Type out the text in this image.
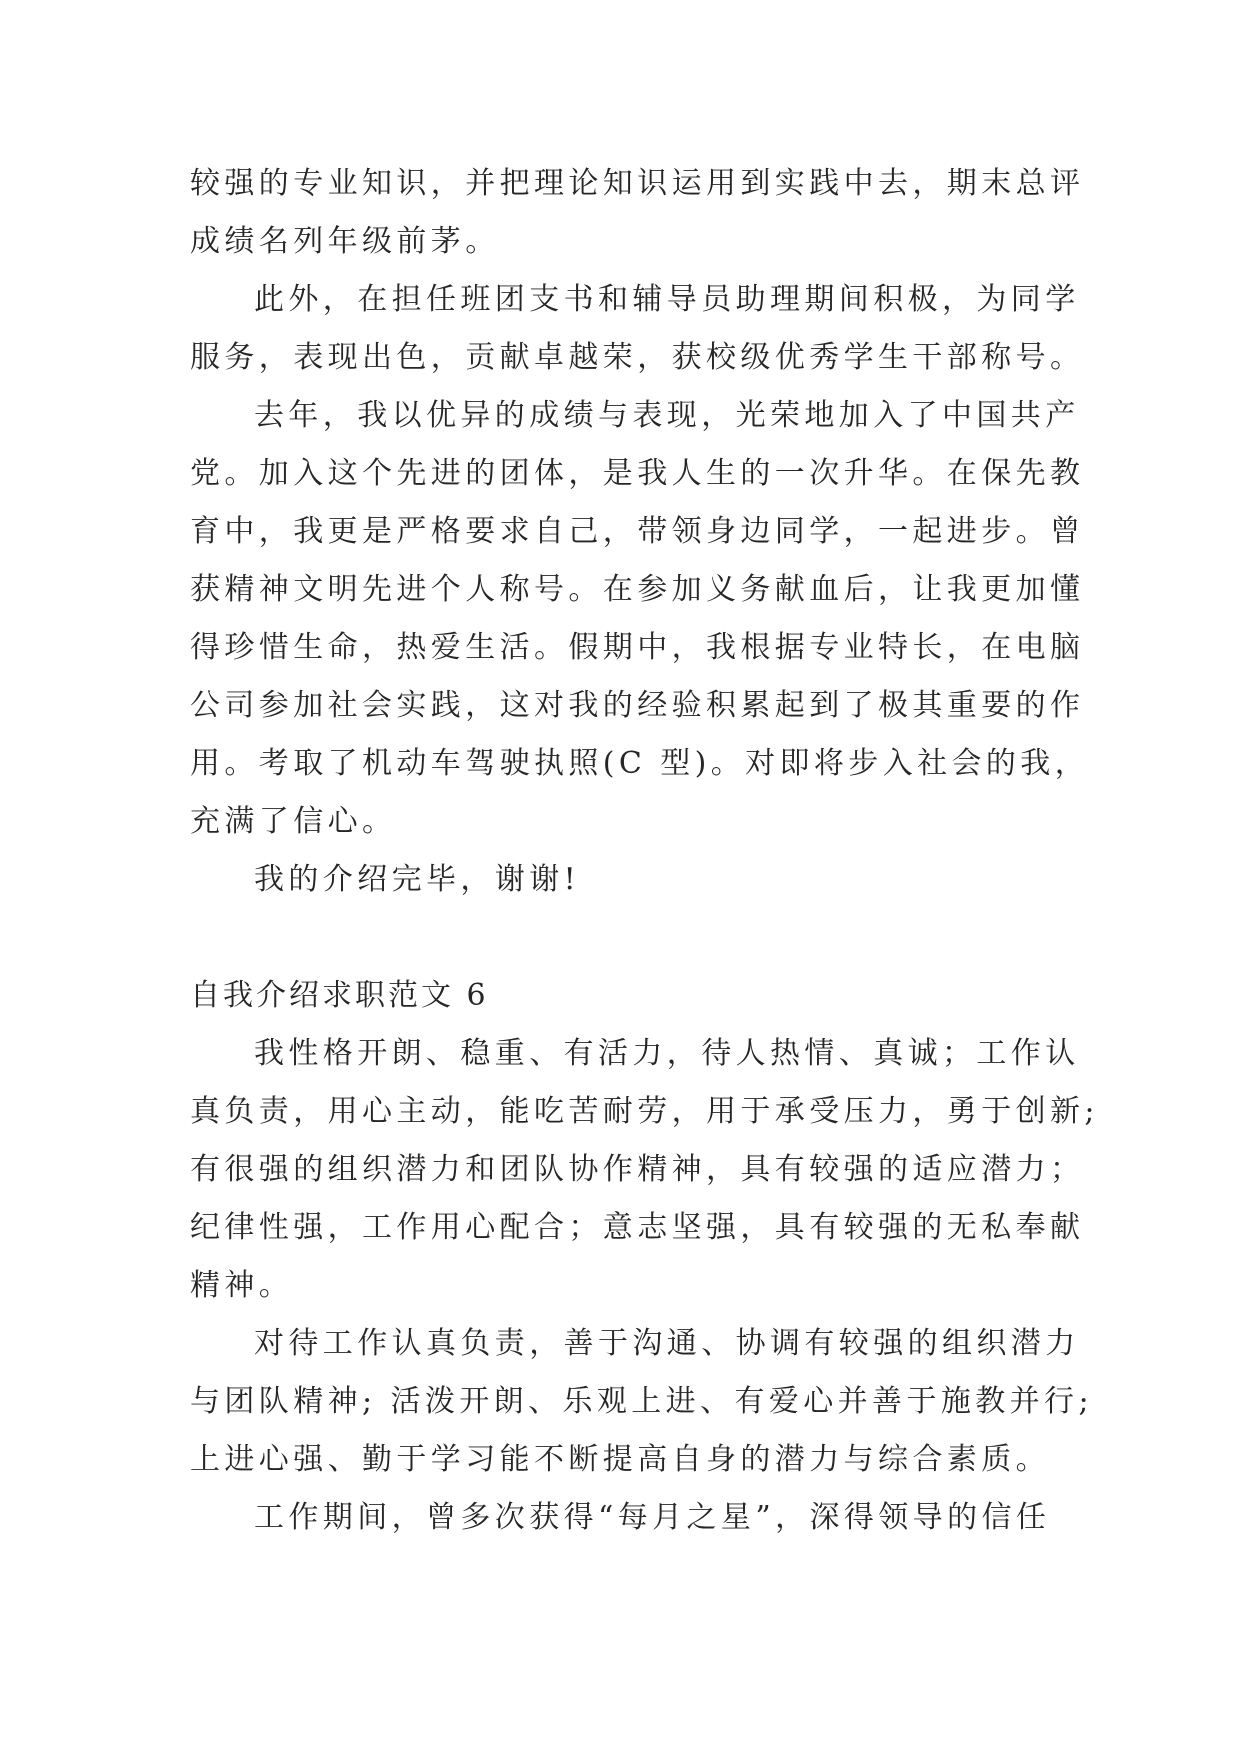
较强的专业知识，并把理论知识运用到实践中去，期末总评

成绩名列年级前茅。

此外，在担任班团支书和辅导员助理期间积极，为同学

服务，表现出色，贡献卓越荣，获校级优秀学生干部称号。

去年，我以优异的成绩与表现，光荣地加入了中国共产

党。加入这个先进的团体，是我人生的一次升华。在保先教

育中，我更是严格要求自己，带领身边同学，一起进步。曾

获精神文明先进个人称号。在参加义务献血后，让我更加懂

得珍惜生命，热爱生活。假期中，我根据专业特长，在电脑

公司参加社会实践，这对我的经验积累起到了极其重要的作

用。考取了机动车驾驶执照(C 型)。对即将步入社会的我，

充满了信心。

我的介绍完毕，谢谢!

自我介绍求职范文 6

我性格开朗、稳重、有活力，待人热情、真诚；工作认

真负责，用心主动，能吃苦耐劳，用于承受压力，勇于创新;

有很强的组织潜力和团队协作精神，具有较强的适应潜力；

纪律性强，工作用心配合；意志坚强，具有较强的无私奉献

精神。

对待工作认真负责，善于沟通、协调有较强的组织潜力

与团队精神; 活泼开朗、乐观上进、有爱心并善于施教并行;

上进心强、勤于学习能不断提高自身的潜力与综合素质。

工作期间，曾多次获得“每月之星”，深得领导的信任
